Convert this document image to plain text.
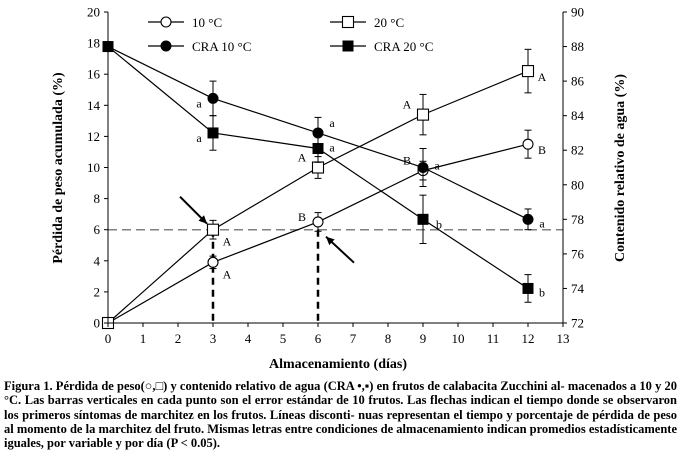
A
B
B
B
A
A
A
A
a
a
a
a
a
a
b
b
0 1 2 3 4 5 6 7 8 9 10 11 12 13
0
2
4
6
8
10
12
14
16
18
20
72
74
76
78
80
82
84
86
88
90
10 °C	20 °C
CRA 10 °C	CRA 20 °C
Almacenamiento (días)
Pérdida de peso acumulada (%)	Contenido relativo de agua (%)
Figura 1. Pérdida de peso(○,□) y contenido relativo de agua (CRA •,▪) en frutos de calabacita Zucchini al- macenados a 10 y 20 °C. Las barras verticales en cada punto son el error estándar de 10 frutos. Las flechas indican el tiempo donde se observaron los primeros síntomas de marchitez en los frutos. Líneas disconti- nuas representan el tiempo y porcentaje de pérdida de peso al momento de la marchitez del fruto. Mismas letras entre condiciones de almacenamiento indican promedios estadísticamente iguales, por variable y por día (P < 0.05).
